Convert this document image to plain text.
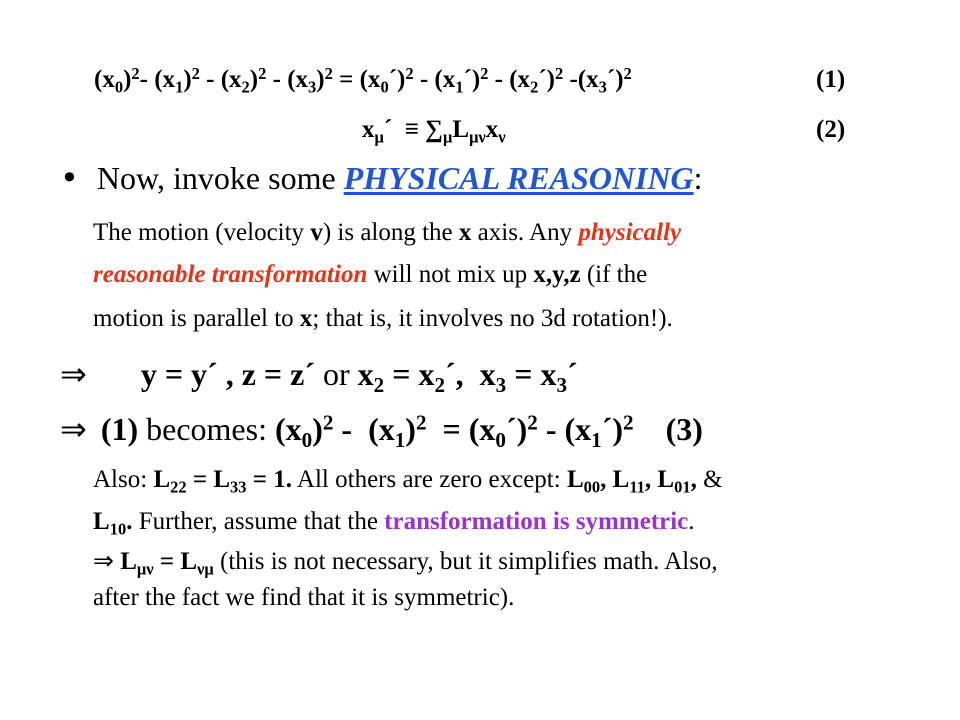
$(x_0)^2-$ $(x_1)^2 - (x_2)^2 - (x_3)^2$ = $(x_0´)^2$ - $(x_1´)^2$ - $(x_2´)^2$ $-(x_3´)^2$	(1)
$x_\mu´ \equiv \sum_\mu L_{\mu\nu}x_\nu$	(2)
• Now, invoke some PHYSICAL REASONING:
The motion (velocity v) is along the x axis. Any physically
reasonable transformation will not mix up x,y,z (if the
motion is parallel to x; that is, it involves no 3d rotation!).
⇒ y = y´ , z = z´ or $x_2$ = $x_2´$,  $x_3$ = $x_3´$
⇒ (1) becomes: $(x_0)^2 - (x_1)^2$  = $(x_0´)^2$ - $(x_1´)^2$ (3)
Also: $L_{22} = L_{33} = 1$. All others are zero except: $L_{00}$, $L_{11}$, $L_{01}$, &
$L_{10}$. Further, assume that the transformation is symmetric.
⇒ $L_{\mu\nu} = L_{\nu\mu}$ (this is not necessary, but it simplifies math. Also,
after the fact we find that it is symmetric).
